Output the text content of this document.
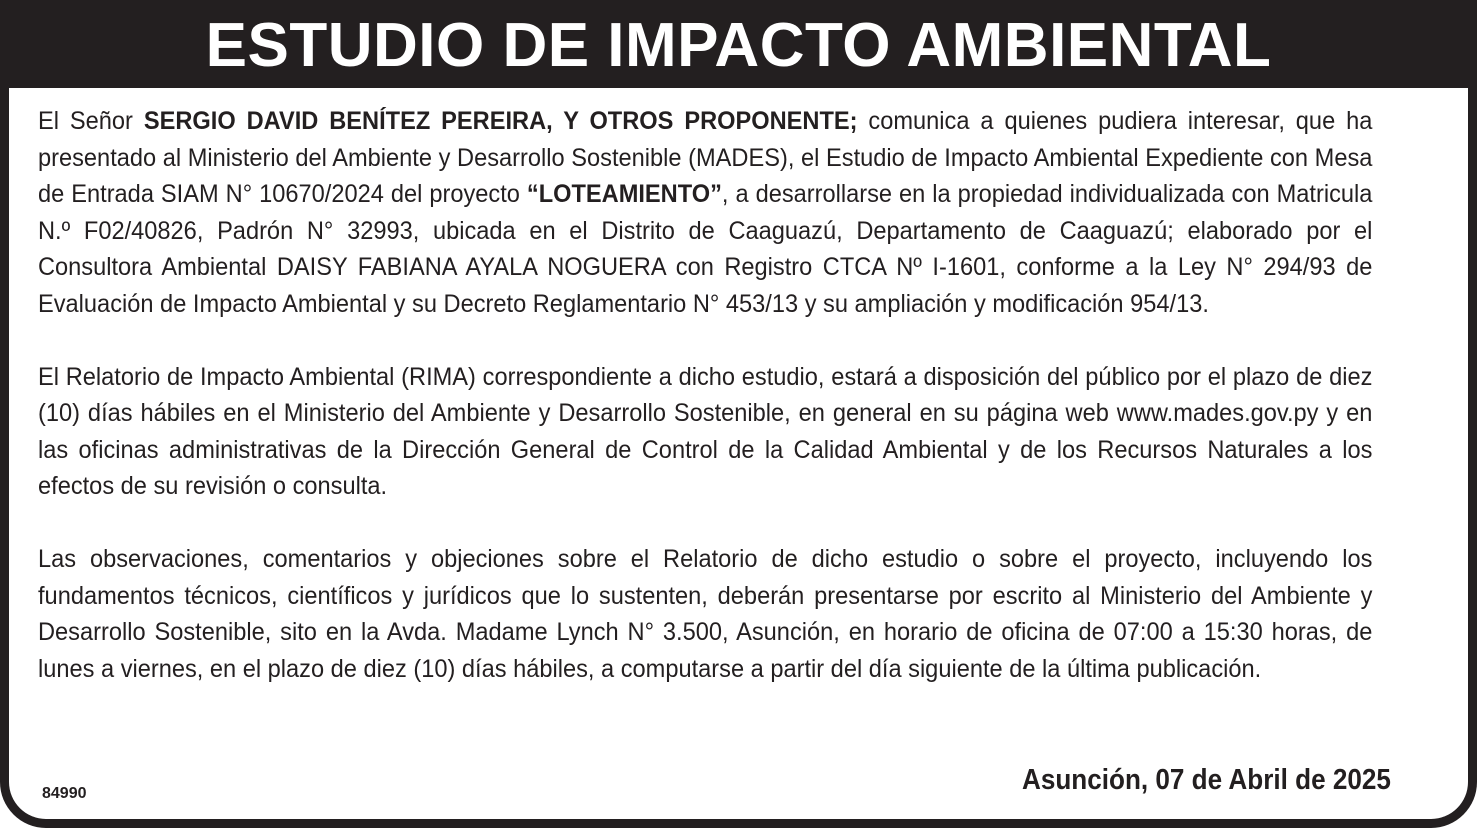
ESTUDIO DE IMPACTO AMBIENTAL

El Señor SERGIO DAVID BENÍTEZ PEREIRA, Y OTROS PROPONENTE; comunica a quienes pudiera interesar, que ha presentado al Ministerio del Ambiente y Desarrollo Sostenible (MADES), el Estudio de Impacto Ambiental Expediente con Mesa de Entrada SIAM N° 10670/2024 del proyecto “LOTEAMIENTO”, a desarrollarse en la propiedad individualizada con Matricula N.º F02/40826, Padrón N° 32993, ubicada en el Distrito de Caaguazú, Departamento de Caaguazú; elaborado por el Consultora Ambiental DAISY FABIANA AYALA NOGUERA con Registro CTCA Nº I-1601, conforme a la Ley N° 294/93 de Evaluación de Impacto Ambiental y su Decreto Reglamentario N° 453/13 y su ampliación y modificación 954/13.

El Relatorio de Impacto Ambiental (RIMA) correspondiente a dicho estudio, estará a disposición del público por el plazo de diez (10) días hábiles en el Ministerio del Ambiente y Desarrollo Sostenible, en general en su página web www.mades.gov.py y en las oficinas administrativas de la Dirección General de Control de la Calidad Ambiental y de los Recursos Naturales a los efectos de su revisión o consulta.

Las observaciones, comentarios y objeciones sobre el Relatorio de dicho estudio o sobre el proyecto, incluyendo los fundamentos técnicos, científicos y jurídicos que lo sustenten, deberán presentarse por escrito al Ministerio del Ambiente y Desarrollo Sostenible, sito en la Avda. Madame Lynch N° 3.500, Asunción, en horario de oficina de 07:00 a 15:30 horas, de lunes a viernes, en el plazo de diez (10) días hábiles, a computarse a partir del día siguiente de la última publicación.

84990	Asunción, 07 de Abril de 2025
